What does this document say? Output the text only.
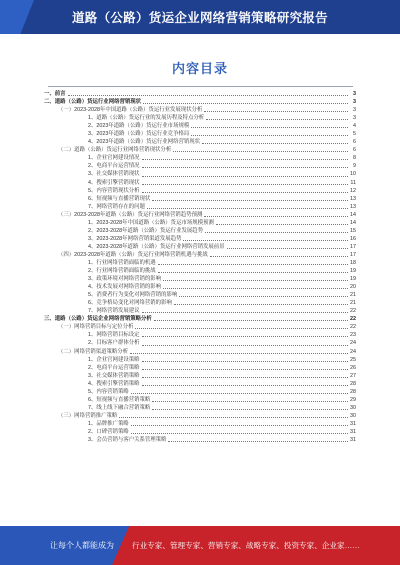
道路（公路）货运企业网络营销策略研究报告
内容目录
一、前言	3
二、道路（公路）货运行业网络营销现状	3
（一）2023-2028年中国道路（公路）货运行业发展现状分析	3
1、道路（公路）货运行业的发展历程及特点分析	3
2、2023年道路（公路）货运行业市场规模	4
3、2023年道路（公路）货运行业竞争格局	5
4、2023年道路（公路）货运行业网络营销现状	6
（二）道路（公路）货运行业网络营销现状分析	6
1、企业官网建设情况	8
2、电商平台运营情况	9
3、社交媒体营销现状	10
4、搜索引擎营销现状	11
5、内容营销现状分析	12
6、短视频与直播营销现状	13
7、网络营销存在的问题	13
（三）2023-2028年道路（公路）货运行业网络营销趋势预测	14
1、2023-2028年中国道路（公路）货运市场规模预测	14
2、2023-2028年道路（公路）货运行业发展趋势	15
3、2023-2028年网络营销渠道发展趋势	16
4、2023-2028年道路（公路）货运行业网络营销发展前景	17
（四）2023-2028年道路（公路）货运行业网络营销机遇与挑战	17
1、行业网络营销面临的机遇	18
2、行业网络营销面临的挑战	19
3、政策环境对网络营销的影响	19
4、技术发展对网络营销的影响	20
5、消费者行为变化对网络营销的影响	21
6、竞争格局变化对网络营销的影响	21
7、网络营销发展建议	22
三、道路（公路）货运企业网络营销策略分析	22
（一）网络营销目标与定位分析	22
1、网络营销目标设定	23
2、目标客户群体分析	24
（二）网络营销渠道策略分析	24
1、企业官网建设策略	25
2、电商平台运营策略	26
3、社交媒体营销策略	27
4、搜索引擎营销策略	28
5、内容营销策略	28
6、短视频与直播营销策略	29
7、线上线下融合营销策略	30
（三）网络营销推广策略	30
1、品牌推广策略	31
2、口碑营销策略	31
3、会员营销与客户关系管理策略	31
让每个人都能成为 行业专家、管理专家、营销专家、战略专家、投资专家、企业家……
